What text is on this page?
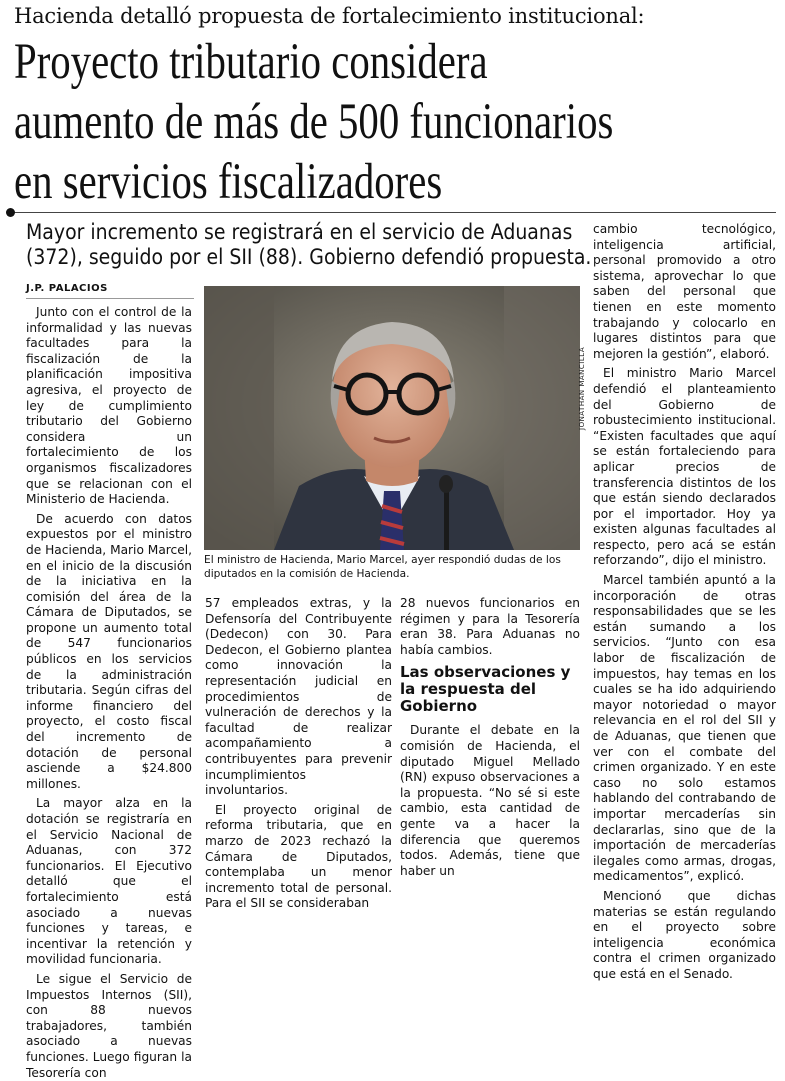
Hacienda detalló propuesta de fortalecimiento institucional:
Proyecto tributario considera
aumento de más de 500 funcionarios
en servicios fiscalizadores
Mayor incremento se registrará en el servicio de Aduanas
(372), seguido por el SII (88). Gobierno defendió propuesta.
J.P. PALACIOS

Junto con el control de la informalidad y las nuevas facultades para la fiscalización de la planificación impositiva agresiva, el proyecto de ley de cumplimiento tributario del Gobierno considera un fortalecimiento de los organismos fiscalizadores que se relacionan con el Ministerio de Hacienda.

De acuerdo con datos expuestos por el ministro de Hacienda, Mario Marcel, en el inicio de la discusión de la iniciativa en la comisión del área de la Cámara de Diputados, se propone un aumento total de 547 funcionarios públicos en los servicios de la administración tributaria. Según cifras del informe financiero del proyecto, el costo fiscal del incremento de dotación de personal asciende a $24.800 millones.

La mayor alza en la dotación se registraría en el Servicio Nacional de Aduanas, con 372 funcionarios. El Ejecutivo detalló que el fortalecimiento está asociado a nuevas funciones y tareas, e incentivar la retención y movilidad funcionaria.

Le sigue el Servicio de Impuestos Internos (SII), con 88 nuevos trabajadores, también asociado a nuevas funciones. Luego figuran la Tesorería con

JONATHAN MANCILLA
El ministro de Hacienda, Mario Marcel, ayer respondió dudas de los diputados en la comisión de Hacienda.

57 empleados extras, y la Defensoría del Contribuyente (Dedecon) con 30. Para Dedecon, el Gobierno plantea como innovación la representación judicial en procedimientos de vulneración de derechos y la facultad de realizar acompañamiento a contribuyentes para prevenir incumplimientos involuntarios.

El proyecto original de reforma tributaria, que en marzo de 2023 rechazó la Cámara de Diputados, contemplaba un menor incremento total de personal. Para el SII se consideraban

28 nuevos funcionarios en régimen y para la Tesorería eran 38. Para Aduanas no había cambios.

Las observaciones y la respuesta del Gobierno

Durante el debate en la comisión de Hacienda, el diputado Miguel Mellado (RN) expuso observaciones a la propuesta. “No sé si este cambio, esta cantidad de gente va a hacer la diferencia que queremos todos. Además, tiene que haber un

cambio tecnológico, inteligencia artificial, personal promovido a otro sistema, aprovechar lo que saben del personal que tienen en este momento trabajando y colocarlo en lugares distintos para que mejoren la gestión”, elaboró.

El ministro Mario Marcel defendió el planteamiento del Gobierno de robustecimiento institucional. “Existen facultades que aquí se están fortaleciendo para aplicar precios de transferencia distintos de los que están siendo declarados por el importador. Hoy ya existen algunas facultades al respecto, pero acá se están reforzando”, dijo el ministro.

Marcel también apuntó a la incorporación de otras responsabilidades que se les están sumando a los servicios. “Junto con esa labor de fiscalización de impuestos, hay temas en los cuales se ha ido adquiriendo mayor notoriedad o mayor relevancia en el rol del SII y de Aduanas, que tienen que ver con el combate del crimen organizado. Y en este caso no solo estamos hablando del contrabando de importar mercaderías sin declararlas, sino que de la importación de mercaderías ilegales como armas, drogas, medicamentos”, explicó.

Mencionó que dichas materias se están regulando en el proyecto sobre inteligencia económica contra el crimen organizado que está en el Senado.
